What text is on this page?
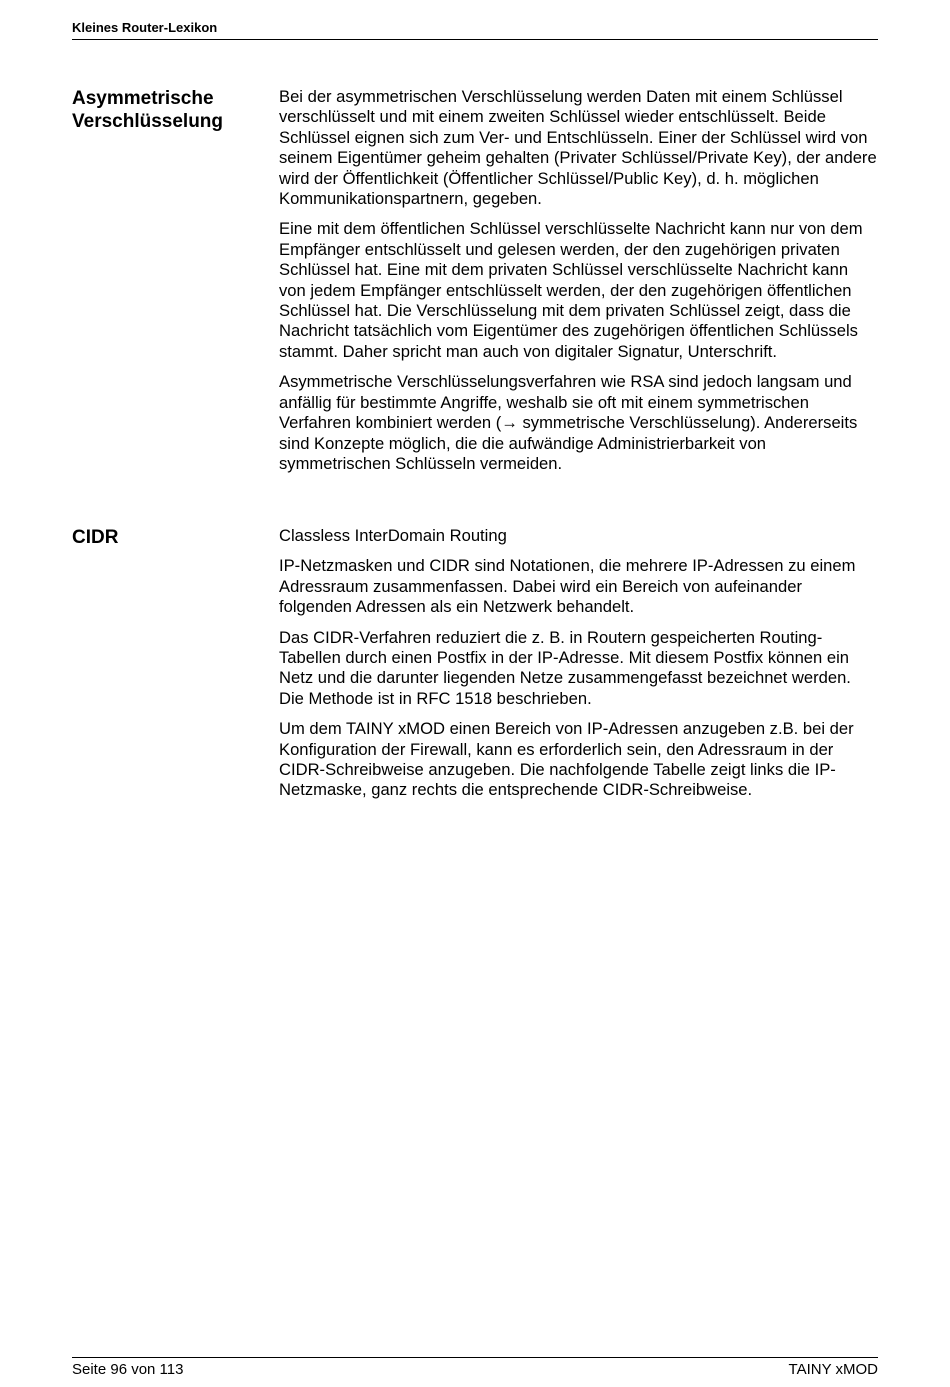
Kleines Router-Lexikon
Asymmetrische
Verschlüsselung

Bei der asymmetrischen Verschlüsselung werden Daten mit einem Schlüssel verschlüsselt und mit einem zweiten Schlüssel wieder entschlüsselt. Beide Schlüssel eignen sich zum Ver- und Entschlüsseln. Einer der Schlüssel wird von seinem Eigentümer geheim gehalten (Privater Schlüssel/Private Key), der andere wird der Öffentlichkeit (Öffentlicher Schlüssel/Public Key), d. h. möglichen Kommunikationspartnern, gegeben.

Eine mit dem öffentlichen Schlüssel verschlüsselte Nachricht kann nur von dem Empfänger entschlüsselt und gelesen werden, der den zugehörigen privaten Schlüssel hat. Eine mit dem privaten Schlüssel verschlüsselte Nachricht kann von jedem Empfänger entschlüsselt werden, der den zugehörigen öffentlichen Schlüssel hat. Die Verschlüsselung mit dem privaten Schlüssel zeigt, dass die Nachricht tatsächlich vom Eigentümer des zugehörigen öffentlichen Schlüssels stammt. Daher spricht man auch von digitaler Signatur, Unterschrift.

Asymmetrische Verschlüsselungsverfahren wie RSA sind jedoch langsam und anfällig für bestimmte Angriffe, weshalb sie oft mit einem symmetrischen Verfahren kombiniert werden (→ symmetrische Verschlüsselung). Andererseits sind Konzepte möglich, die die aufwändige Administrierbarkeit von symmetrischen Schlüsseln vermeiden.

CIDR	Classless InterDomain Routing

IP-Netzmasken und CIDR sind Notationen, die mehrere IP-Adressen zu einem Adressraum zusammenfassen. Dabei wird ein Bereich von aufeinander folgenden Adressen als ein Netzwerk behandelt.

Das CIDR-Verfahren reduziert die z. B. in Routern gespeicherten Routing-Tabellen durch einen Postfix in der IP-Adresse. Mit diesem Postfix können ein Netz und die darunter liegenden Netze zusammengefasst bezeichnet werden. Die Methode ist in RFC 1518 beschrieben.

Um dem TAINY xMOD einen Bereich von IP-Adressen anzugeben z.B. bei der Konfiguration der Firewall, kann es erforderlich sein, den Adressraum in der CIDR-Schreibweise anzugeben. Die nachfolgende Tabelle zeigt links die IP-Netzmaske, ganz rechts die entsprechende CIDR-Schreibweise.

Seite 96 von 113	TAINY xMOD
